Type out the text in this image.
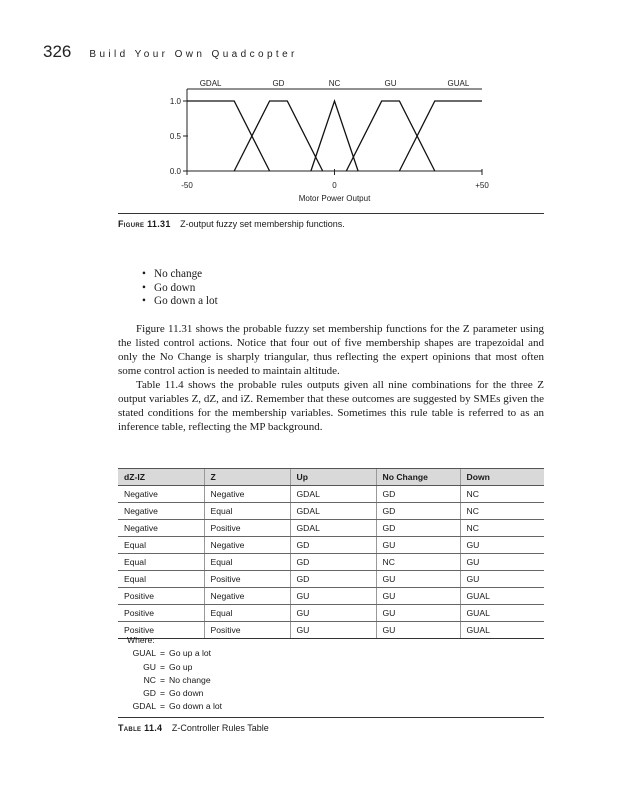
326 Build Your Own Quadcopter
1.0
0.5
0.0
-50	0	+50
Motor Power Output
GDAL	GD	NC	GU	GUAL
Figure 11.31 Z-output fuzzy set membership functions.
• No change
• Go down
• Go down a lot

Figure 11.31 shows the probable fuzzy set membership functions for the Z parameter using the listed control actions. Notice that four out of five membership shapes are trapezoidal and only the No Change is sharply triangular, thus reflecting the expert opinions that most often some control action is needed to maintain altitude.

Table 11.4 shows the probable rules outputs given all nine combinations for the three Z output variables Z, dZ, and iZ. Remember that these outcomes are suggested by SMEs given the stated conditions for the membership variables. Sometimes this rule table is referred to as an inference table, reflecting the MP background.

dZ-IZ	Z	Up	No Change	Down
Negative	Negative	GDAL	GD	NC
Negative	Equal	GDAL	GD	NC
Negative	Positive	GDAL	GD	NC
Equal	Negative	GD	GU	GU
Equal	Equal	GD	NC	GU
Equal	Positive	GD	GU	GU
Positive	Negative	GU	GU	GUAL
Positive	Equal	GU	GU	GUAL
Positive	Positive	GU	GU	GUAL
Where:
GUAL = Go up a lot
GU = Go up
NC = No change
GD = Go down
GDAL = Go down a lot
Table 11.4 Z-Controller Rules Table
